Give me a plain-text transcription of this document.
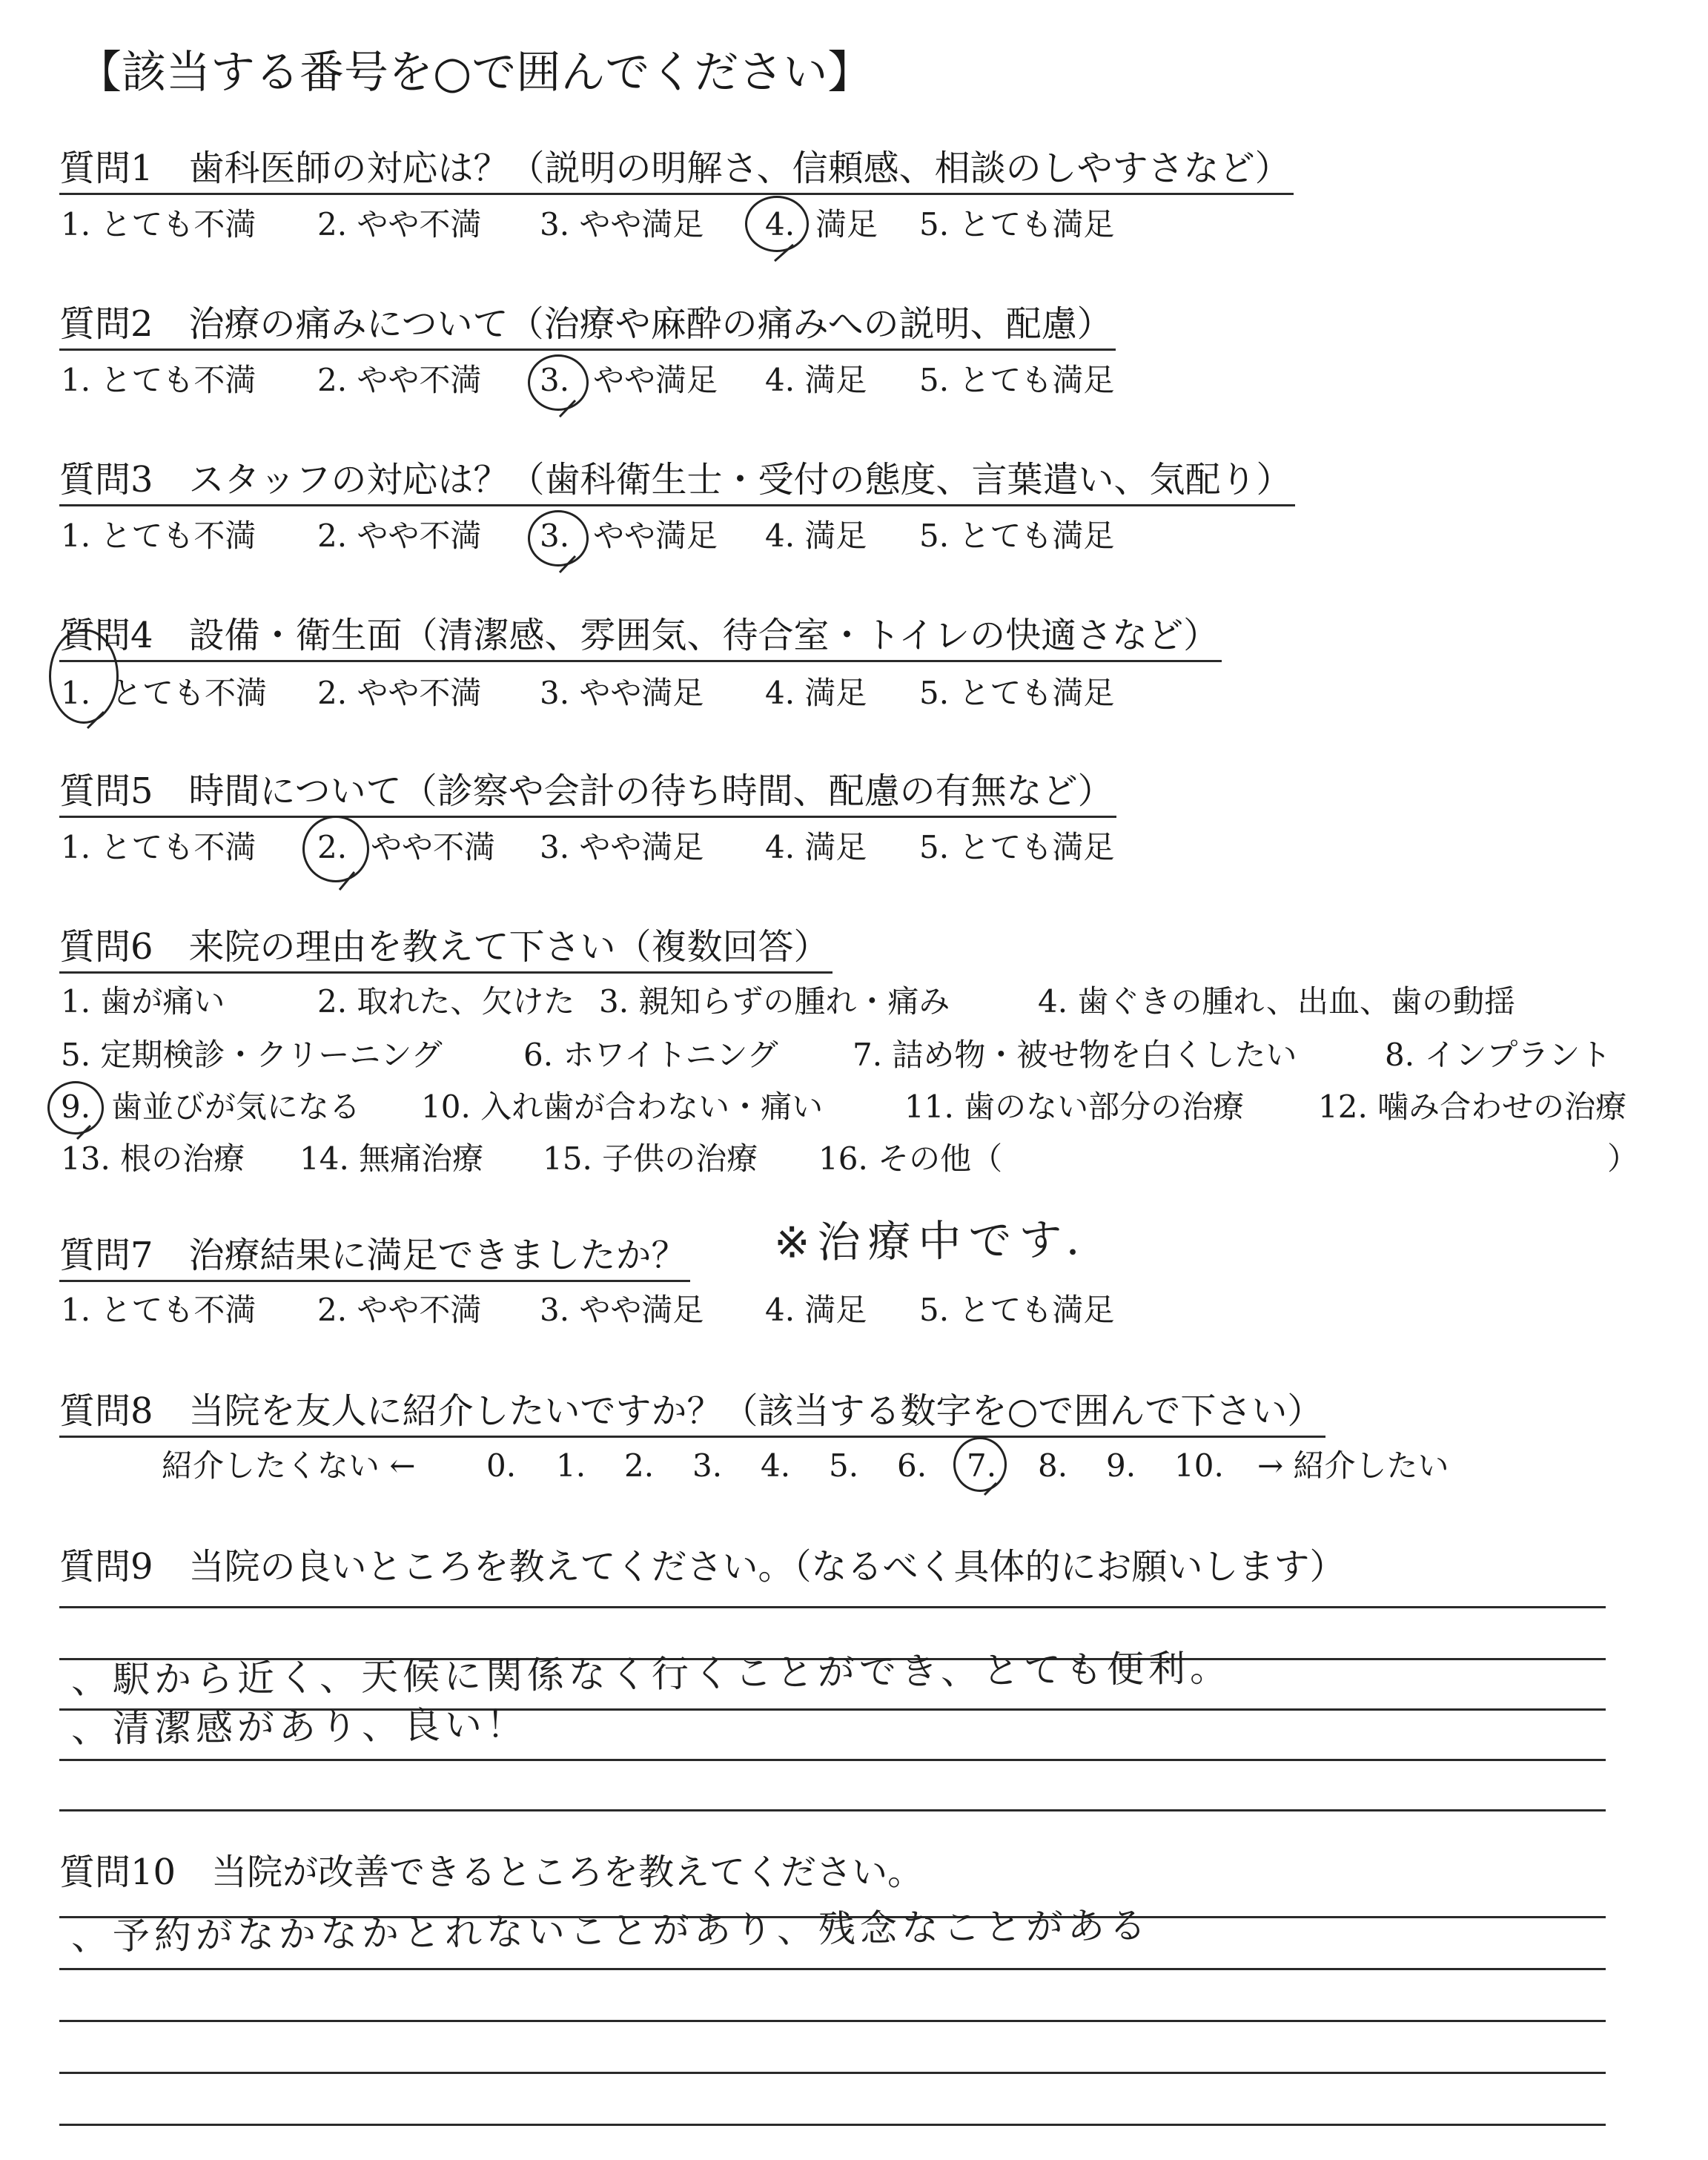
【該当する番号を○で囲んでください】
質問1　歯科医師の対応は？（説明の明解さ、信頼感、相談のしやすさなど）
1. とても不満 2. やや不満 3. やや満足 4. 満足 5. とても満足
質問2　治療の痛みについて（治療や麻酔の痛みへの説明、配慮）
1. とても不満 2. やや不満 3. やや満足 4. 満足 5. とても満足
質問3　スタッフの対応は？（歯科衛生士・受付の態度、言葉遣い、気配り）
1. とても不満 2. やや不満 3. やや満足 4. 満足 5. とても満足
質問4　設備・衛生面（清潔感、雰囲気、待合室・トイレの快適さなど）
1. とても不満 2. やや不満 3. やや満足 4. 満足 5. とても満足
質問5　時間について（診察や会計の待ち時間、配慮の有無など）
1. とても不満 2. やや不満 3. やや満足 4. 満足 5. とても満足
質問6　来院の理由を教えて下さい（複数回答）
1. 歯が痛い	2. 取れた、欠けた 3. 親知らずの腫れ・痛み	4. 歯ぐきの腫れ、出血、歯の動揺
5. 定期検診・クリーニング	6. ホワイトニング 7. 詰め物・被せ物を白くしたい	8. インプラント
9. 歯並びが気になる 10. 入れ歯が合わない・痛い	11. 歯のない部分の治療 12. 噛み合わせの治療
13. 根の治療 14. 無痛治療 15. 子供の治療 16. その他（	）
質問7　治療結果に満足できましたか？ ※治療中です．
1. とても不満 2. やや不満 3. やや満足 4. 満足 5. とても満足
質問8　当院を友人に紹介したいですか？（該当する数字を○で囲んで下さい）
紹介したくない ← 0. 1. 2. 3. 4. 5. 6. 7. 8. 9. 10. → 紹介したい
質問9　当院の良いところを教えてください。（なるべく具体的にお願いします）
、駅から近く、天候に関係なく行くことができ、とても便利。
、清潔感があり、良い！
質問10　当院が改善できるところを教えてください。
、予約がなかなかとれないことがあり、残念なことがある
